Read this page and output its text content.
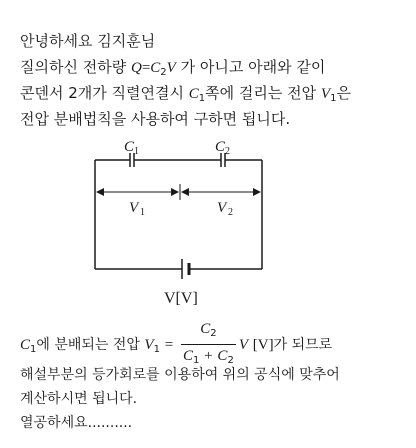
안녕하세요 김지훈님
질의하신 전하량 $Q=C_2V$ 가 아니고 아래와 같이
콘덴서 2개가 직렬연결시 $C_1$쪽에 걸리는 전압 $V_1$은
전압 분배법칙을 사용하여 구하면 됩니다.
C 1	C 2
V 1	V 2
V[V]
$C_1$에 분배되는 전압 $V_1 = \frac{C_2}{C_1 + C_2}$ V [V]가 되므로
해설부분의 등가회로를 이용하여 위의 공식에 맞추어
계산하시면 됩니다.
열공하세요..........
